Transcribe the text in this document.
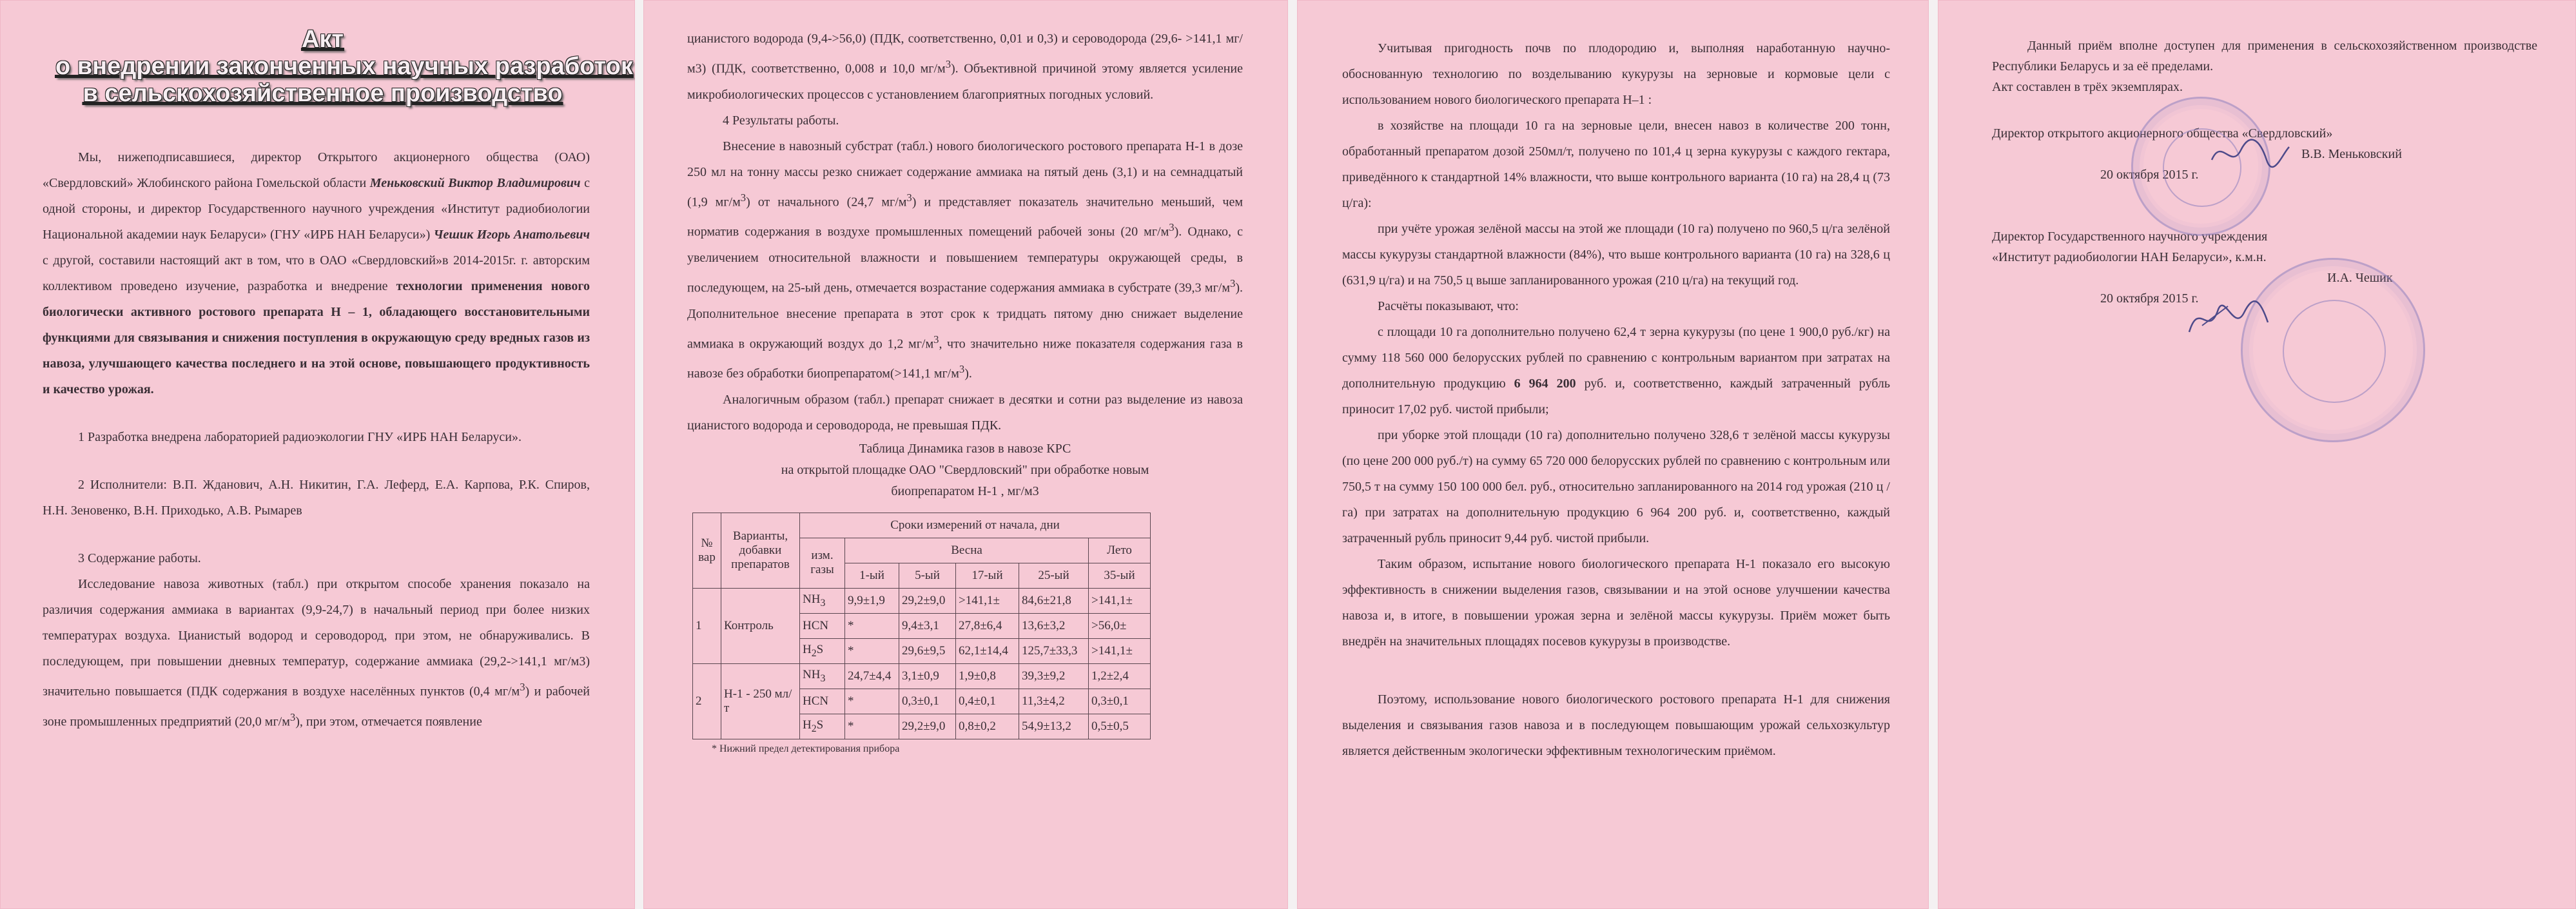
Акт
о внедрении законченных научных разработок
в сельскохозяйственное производство

Мы, нижеподписавшиеся, директор Открытого акционерного общества (ОАО) «Свердловский» Жлобинского района Гомельской области Меньковский Виктор Владимирович с одной стороны, и директор Государственного научного учреждения «Институт радиобиологии Национальной академии наук Беларуси» (ГНУ «ИРБ НАН Беларуси») Чешик Игорь Анатольевич с другой, составили настоящий акт в том, что в ОАО «Свердловский»в 2014-2015г. г. авторским коллективом проведено изучение, разработка и внедрение технологии применения нового биологически активного ростового препарата Н – 1, обладающего восстановительными функциями для связывания и снижения поступления в окружающую среду вредных газов из навоза, улучшающего качества последнего и на этой основе, повышающего продуктивность и качество урожая.

1 Разработка внедрена лабораторией радиоэкологии ГНУ «ИРБ НАН Беларуси».

2 Исполнители: В.П. Жданович, А.Н. Никитин, Г.А. Леферд, Е.А. Карпова, Р.К. Спиров, Н.Н. Зеновенко, В.Н. Приходько, А.В. Рымарев

3 Содержание работы.

Исследование навоза животных (табл.) при открытом способе хранения показало на различия содержания аммиака в вариантах (9,9-24,7) в начальный период при более низких температурах воздуха. Цианистый водород и сероводород, при этом, не обнаруживались. В последующем, при повышении дневных температур, содержание аммиака (29,2->141,1 мг/м3) значительно повышается (ПДК содержания в воздухе населённых пунктов (0,4 $мг/м^3$) и рабочей зоне промышленных предприятий (20,0 $мг/м^3$), при этом, отмечается появление

цианистого водорода (9,4->56,0) (ПДК, соответственно, 0,01 и 0,3) и сероводорода (29,6- >141,1 мг/м3) (ПДК, соответственно, 0,008 и 10,0 $мг/м^3$). Объективной причиной этому является усиление микробиологических процессов с установлением благоприятных погодных условий.

4 Результаты работы.

Внесение в навозный субстрат (табл.) нового биологического ростового препарата Н-1 в дозе 250 мл на тонну массы резко снижает содержание аммиака на пятый день (3,1) и на семнадцатый (1,9 $мг/м^3$) от начального (24,7 $мг/м^3$) и представляет показатель значительно меньший, чем норматив содержания в воздухе промышленных помещений рабочей зоны (20 $мг/м^3$). Однако, с увеличением относительной влажности и повышением температуры окружающей среды, в последующем, на 25-ый день, отмечается возрастание содержания аммиака в субстрате (39,3 $мг/м^3$). Дополнительное внесение препарата в этот срок к тридцать пятому дню снижает выделение аммиака в окружающий воздух до 1,2 $мг/м^3$, что значительно ниже показателя содержания газа в навозе без обработки биопрепаратом(>141,1 $мг/м^3$).

Аналогичным образом (табл.) препарат снижает в десятки и сотни раз выделение из навоза цианистого водорода и сероводорода, не превышая ПДК.

Таблица Динамика газов в навозе КРС
на открытой площадке ОАО "Свердловский" при обработке новым
биопрепаратом Н-1 , мг/м3
№ вар	Варианты, добавки препаратов	Сроки измерений от начала, дни					
		изм. газы	Весна				Лето
			1-ый	5-ый	17-ый	25-ый	35-ый
1	Контроль	$NH_3$	9,9±1,9	29,2±9,0	>141,1±	84,6±21,8	>141,1±
		HCN	*	9,4±3,1	27,8±6,4	13,6±3,2	>56,0±
		$H_2S$	*	29,6±9,5	62,1±14,4	125,7±33,3	>141,1±
2	Н-1 - 250 мл/т	$NH_3$	24,7±4,4	3,1±0,9	1,9±0,8	39,3±9,2	1,2±2,4
		HCN	*	0,3±0,1	0,4±0,1	11,3±4,2	0,3±0,1
		$H_2S$	*	29,2±9,0	0,8±0,2	54,9±13,2	0,5±0,5
* Нижний предел детектирования прибора

Учитывая пригодность почв по плодородию и, выполняя наработанную научно-обоснованную технологию по возделыванию кукурузы на зерновые и кормовые цели с использованием нового биологического препарата Н–1 :

в хозяйстве на площади 10 га на зерновые цели, внесен навоз в количестве 200 тонн, обработанный препаратом дозой 250мл/т, получено по 101,4 ц зерна кукурузы с каждого гектара, приведённого к стандартной 14% влажности, что выше контрольного варианта (10 га) на 28,4 ц (73 ц/га):

при учёте урожая зелёной массы на этой же площади (10 га) получено по 960,5 ц/га зелёной массы кукурузы стандартной влажности (84%), что выше контрольного варианта (10 га) на 328,6 ц (631,9 ц/га) и на 750,5 ц выше запланированного урожая (210 ц/га) на текущий год.

Расчёты показывают, что:

с площади 10 га дополнительно получено 62,4 т зерна кукурузы (по цене 1 900,0 руб./кг) на сумму 118 560 000 белорусских рублей по сравнению с контрольным вариантом при затратах на дополнительную продукцию 6 964 200 руб. и, соответственно, каждый затраченный рубль приносит 17,02 руб. чистой прибыли;

при уборке этой площади (10 га) дополнительно получено 328,6 т зелёной массы кукурузы (по цене 200 000 руб./т) на сумму 65 720 000 белорусских рублей по сравнению с контрольным или 750,5 т на сумму 150 100 000 бел. руб., относительно запланированного на 2014 год урожая (210 ц /га) при затратах на дополнительную продукцию 6 964 200 руб. и, соответственно, каждый затраченный рубль приносит 9,44 руб. чистой прибыли.

Таким образом, испытание нового биологического препарата Н-1 показало его высокую эффективность в снижении выделения газов, связывании и на этой основе улучшении качества навоза и, в итоге, в повышении урожая зерна и зелёной массы кукурузы. Приём может быть внедрён на значительных площадях посевов кукурузы в производстве.

Поэтому, использование нового биологического ростового препарата Н-1 для снижения выделения и связывания газов навоза и в последующем повышающим урожай сельхозкультур является действенным экологически эффективным технологическим приёмом.

Данный приём вполне доступен для применения в сельскохозяйственном производстве Республики Беларусь и за её пределами.

Акт составлен в трёх экземплярах.

Директор открытого акционерного общества «Свердловский»

В.В. Меньковский

20 октября 2015 г.

Директор Государственного научного учреждения

«Институт радиобиологии НАН Беларуси», к.м.н.

И.А. Чешик

20 октября 2015 г.
